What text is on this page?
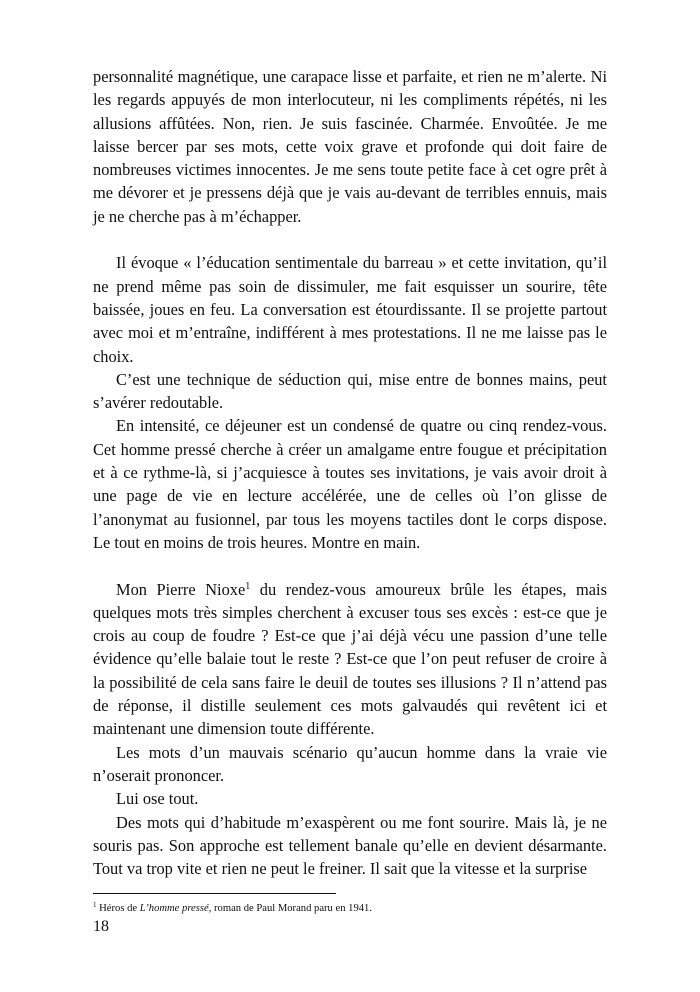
personnalité magnétique, une carapace lisse et parfaite, et rien ne m’alerte. Ni les regards appuyés de mon interlocuteur, ni les compliments répétés, ni les allusions affûtées. Non, rien. Je suis fascinée. Charmée. Envoûtée. Je me laisse bercer par ses mots, cette voix grave et profonde qui doit faire de nombreuses victimes innocentes. Je me sens toute petite face à cet ogre prêt à me dévorer et je pressens déjà que je vais au-devant de terribles ennuis, mais je ne cherche pas à m’échapper.

Il évoque « l’éducation sentimentale du barreau » et cette invitation, qu’il ne prend même pas soin de dissimuler, me fait esquisser un sourire, tête baissée, joues en feu. La conversation est étourdissante. Il se projette partout avec moi et m’entraîne, indifférent à mes protestations. Il ne me laisse pas le choix.

C’est une technique de séduction qui, mise entre de bonnes mains, peut s’avérer redoutable.

En intensité, ce déjeuner est un condensé de quatre ou cinq rendez-vous. Cet homme pressé cherche à créer un amalgame entre fougue et précipitation et à ce rythme-là, si j’acquiesce à toutes ses invitations, je vais avoir droit à une page de vie en lecture accélérée, une de celles où l’on glisse de l’anonymat au fusionnel, par tous les moyens tactiles dont le corps dispose. Le tout en moins de trois heures. Montre en main.

Mon Pierre Nioxe$^1$ du rendez-vous amoureux brûle les étapes, mais quelques mots très simples cherchent à excuser tous ses excès : est-ce que je crois au coup de foudre ? Est-ce que j’ai déjà vécu une passion d’une telle évidence qu’elle balaie tout le reste ? Est-ce que l’on peut refuser de croire à la possibilité de cela sans faire le deuil de toutes ses illusions ? Il n’attend pas de réponse, il distille seulement ces mots galvaudés qui revêtent ici et maintenant une dimension toute différente.

Les mots d’un mauvais scénario qu’aucun homme dans la vraie vie n’oserait prononcer.

Lui ose tout.

Des mots qui d’habitude m’exaspèrent ou me font sourire. Mais là, je ne souris pas. Son approche est tellement banale qu’elle en devient désarmante. Tout va trop vite et rien ne peut le freiner. Il sait que la vitesse et la surprise

$^1$ Héros de L’homme pressé, roman de Paul Morand paru en 1941.
18
